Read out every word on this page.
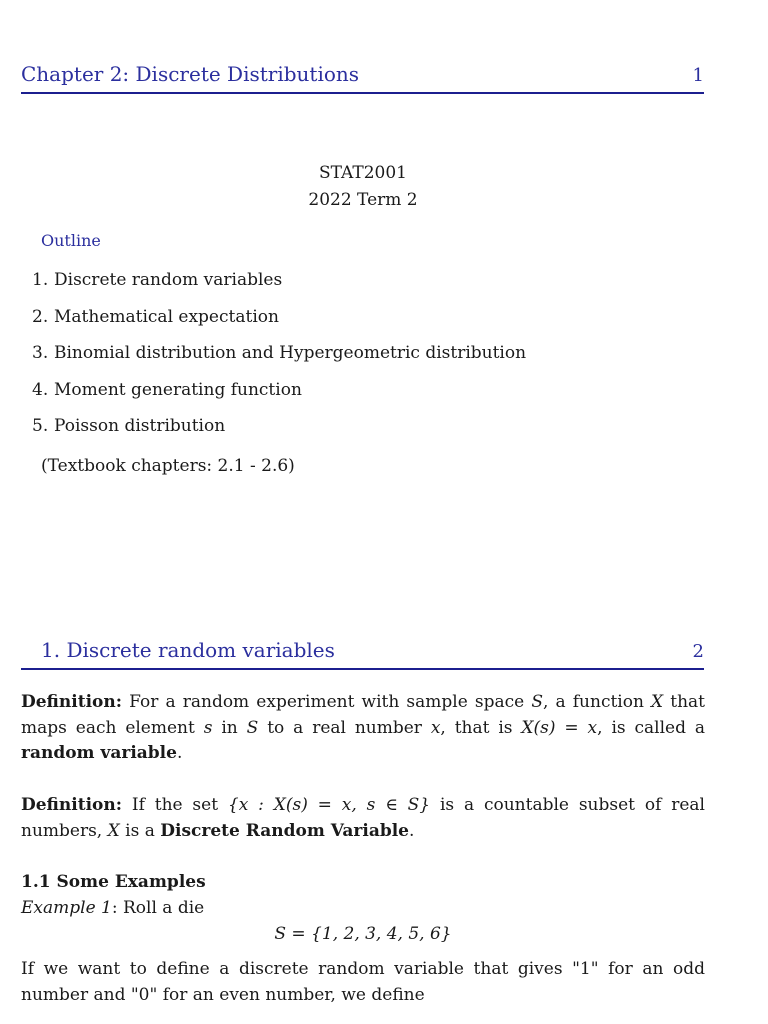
Chapter 2: Discrete Distributions	1
STAT2001
2022 Term 2
Outline
1. Discrete random variables
2. Mathematical expectation
3. Binomial distribution and Hypergeometric distribution
4. Moment generating function
5. Poisson distribution
(Textbook chapters: 2.1 - 2.6)
1. Discrete random variables	2
Definition: For a random experiment with sample space S, a function X that maps each element s in S to a real number x, that is X(s) = x, is called a random variable.
Definition: If the set {x : X(s) = x, s ∈ S} is a countable subset of real numbers, X is a Discrete Random Variable.
1.1 Some Examples
Example 1: Roll a die
S = {1, 2, 3, 4, 5, 6}
If we want to define a discrete random variable that gives "1" for an odd number and "0" for an even number, we define
